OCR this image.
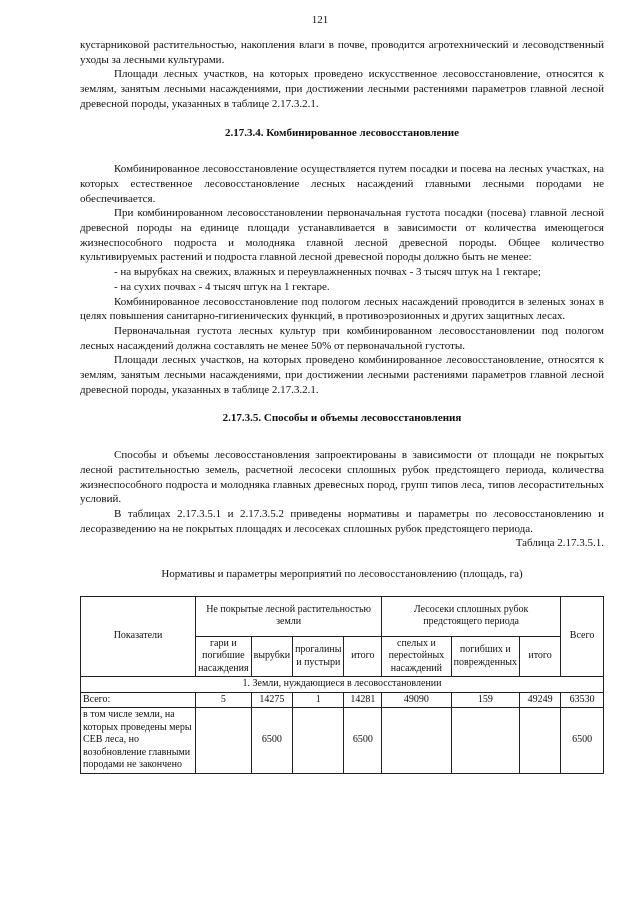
121

кустарниковой растительностью, накопления влаги в почве, проводится агротехнический и лесоводственный уходы за лесными культурами.

Площади лесных участков, на которых проведено искусственное лесовосстановление, относятся к землям, занятым лесными насаждениями, при достижении лесными растениями параметров главной лесной древесной породы, указанных в таблице 2.17.3.2.1.

2.17.3.4. Комбинированное лесовосстановление

Комбинированное лесовосстановление осуществляется путем посадки и посева на лесных участках, на которых естественное лесовосстановление лесных насаждений главными лесными породами не обеспечивается.

При комбинированном лесовосстановлении первоначальная густота посадки (посева) главной лесной древесной породы на единице площади устанавливается в зависимости от количества имеющегося жизнеспособного подроста и молодняка главной лесной древесной породы. Общее количество культивируемых растений и подроста главной лесной древесной породы должно быть не менее:

- на вырубках на свежих, влажных и переувлажненных почвах - 3 тысяч штук на 1 гектаре;

- на сухих почвах - 4 тысяч штук на 1 гектаре.

Комбинированное лесовосстановление под пологом лесных насаждений проводится в зеленых зонах в целях повышения санитарно-гигиенических функций, в противоэрозионных и других защитных лесах.

Первоначальная густота лесных культур при комбинированном лесовосстановлении под пологом лесных насаждений должна составлять не менее 50% от первоначальной густоты.

Площади лесных участков, на которых проведено комбинированное лесовосстановление, относятся к землям, занятым лесными насаждениями, при достижении лесными растениями параметров главной лесной древесной породы, указанных в таблице 2.17.3.2.1.

2.17.3.5. Способы и объемы лесовосстановления

Способы и объемы лесовосстановления запроектированы в зависимости от площади не покрытых лесной растительностью земель, расчетной лесосеки сплошных рубок предстоящего периода, количества жизнеспособного подроста и молодняка главных древесных пород, групп типов леса, типов лесорастительных условий.

В таблицах 2.17.3.5.1 и 2.17.3.5.2 приведены нормативы и параметры по лесовосстановлению и лесоразведению на не покрытых площадях и лесосеках сплошных рубок предстоящего периода.

Таблица 2.17.3.5.1.

Нормативы и параметры мероприятий по лесовосстановлению (площадь, га)

Показатели	Не покрытые лесной растительностью земли				Лесосеки сплошных рубок предстоящего периода			Всего
	гари и погибшие насаждения	вырубки	прогалины и пустыри	итого	спелых и перестойных насаждений	погибших и поврежденных	итого	
1. Земли, нуждающиеся в лесовосстановлении								
Всего:	5	14275	1	14281	49090	159	49249	63530
в том числе земли, на которых проведены меры СЕВ леса, но возобновление главными породами не закончено		6500		6500				6500
